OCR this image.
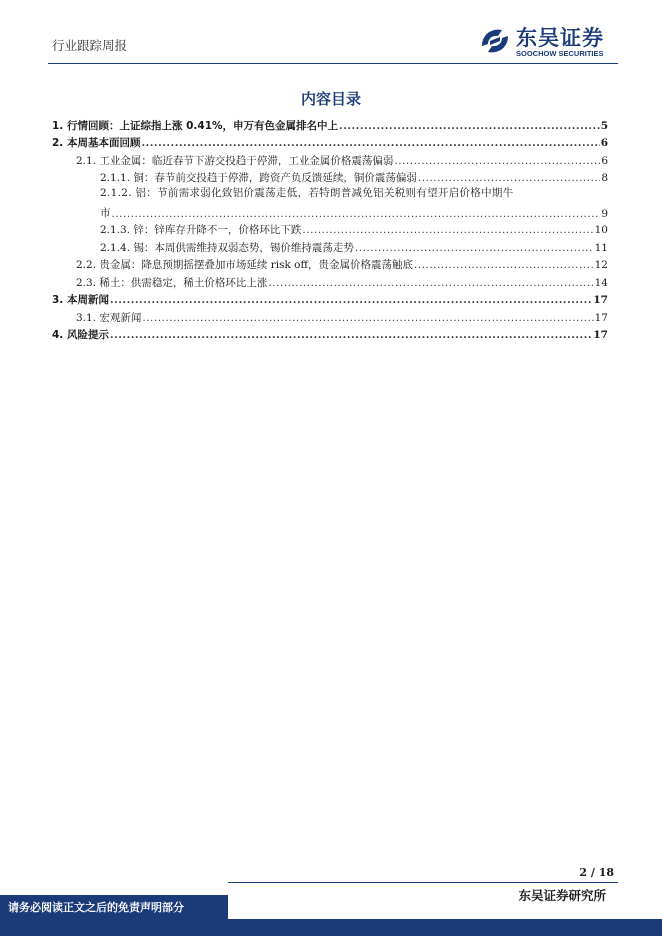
行业跟踪周报	东吴证券
SOOCHOW SECURITIES
内容目录
1. 行情回顾：上证综指上涨 0.41%，申万有色金属排名中上 .....	5
2. 本周基本面回顾 .....	6
2.1. 工业金属：临近春节下游交投趋于停滞，工业金属价格震荡偏弱 .....	6
2.1.1. 铜：春节前交投趋于停滞，跨资产负反馈延续，铜价震荡偏弱 .....	8
2.1.2. 铝：节前需求弱化致铝价震荡走低，若特朗普减免铝关税则有望开启价格中期牛
市 .....	9
2.1.3. 锌：锌库存升降不一，价格环比下跌 .....	10
2.1.4. 锡：本周供需维持双弱态势，锡价维持震荡走势 .....	11
2.2. 贵金属：降息预期摇摆叠加市场延续 risk off，贵金属价格震荡触底 .....	12
2.3. 稀土：供需稳定，稀土价格环比上涨 .....	14
3. 本周新闻 .....	17
3.1. 宏观新闻 .....	17
4. 风险提示 .....	17
2 / 18
请务必阅读正文之后的免责声明部分
东吴证券研究所
